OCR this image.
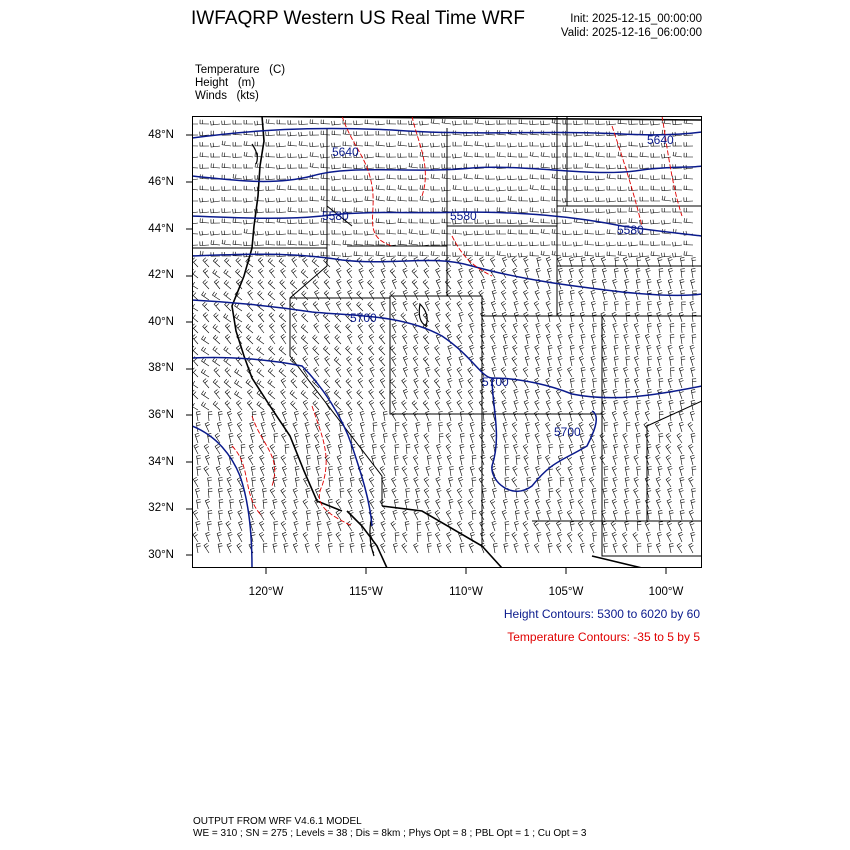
IWFAQRP Western US Real Time WRF	Init: 2025-12-15_00:00:00
Valid: 2025-12-16_06:00:00
Temperature   (C)
Height   (m)
Winds   (kts)
5640
5580	5580
5580
5700
5700
5700
5640
48°N
46°N
44°N
42°N
40°N
38°N
36°N
34°N
32°N
30°N
120°W	115°W	110°W	105°W	100°W
Height Contours: 5300 to 6020 by 60
Temperature Contours: -35 to 5 by 5
OUTPUT FROM WRF V4.6.1 MODEL
WE = 310 ; SN = 275 ; Levels = 38 ; Dis = 8km ; Phys Opt = 8 ; PBL Opt = 1 ; Cu Opt = 3
